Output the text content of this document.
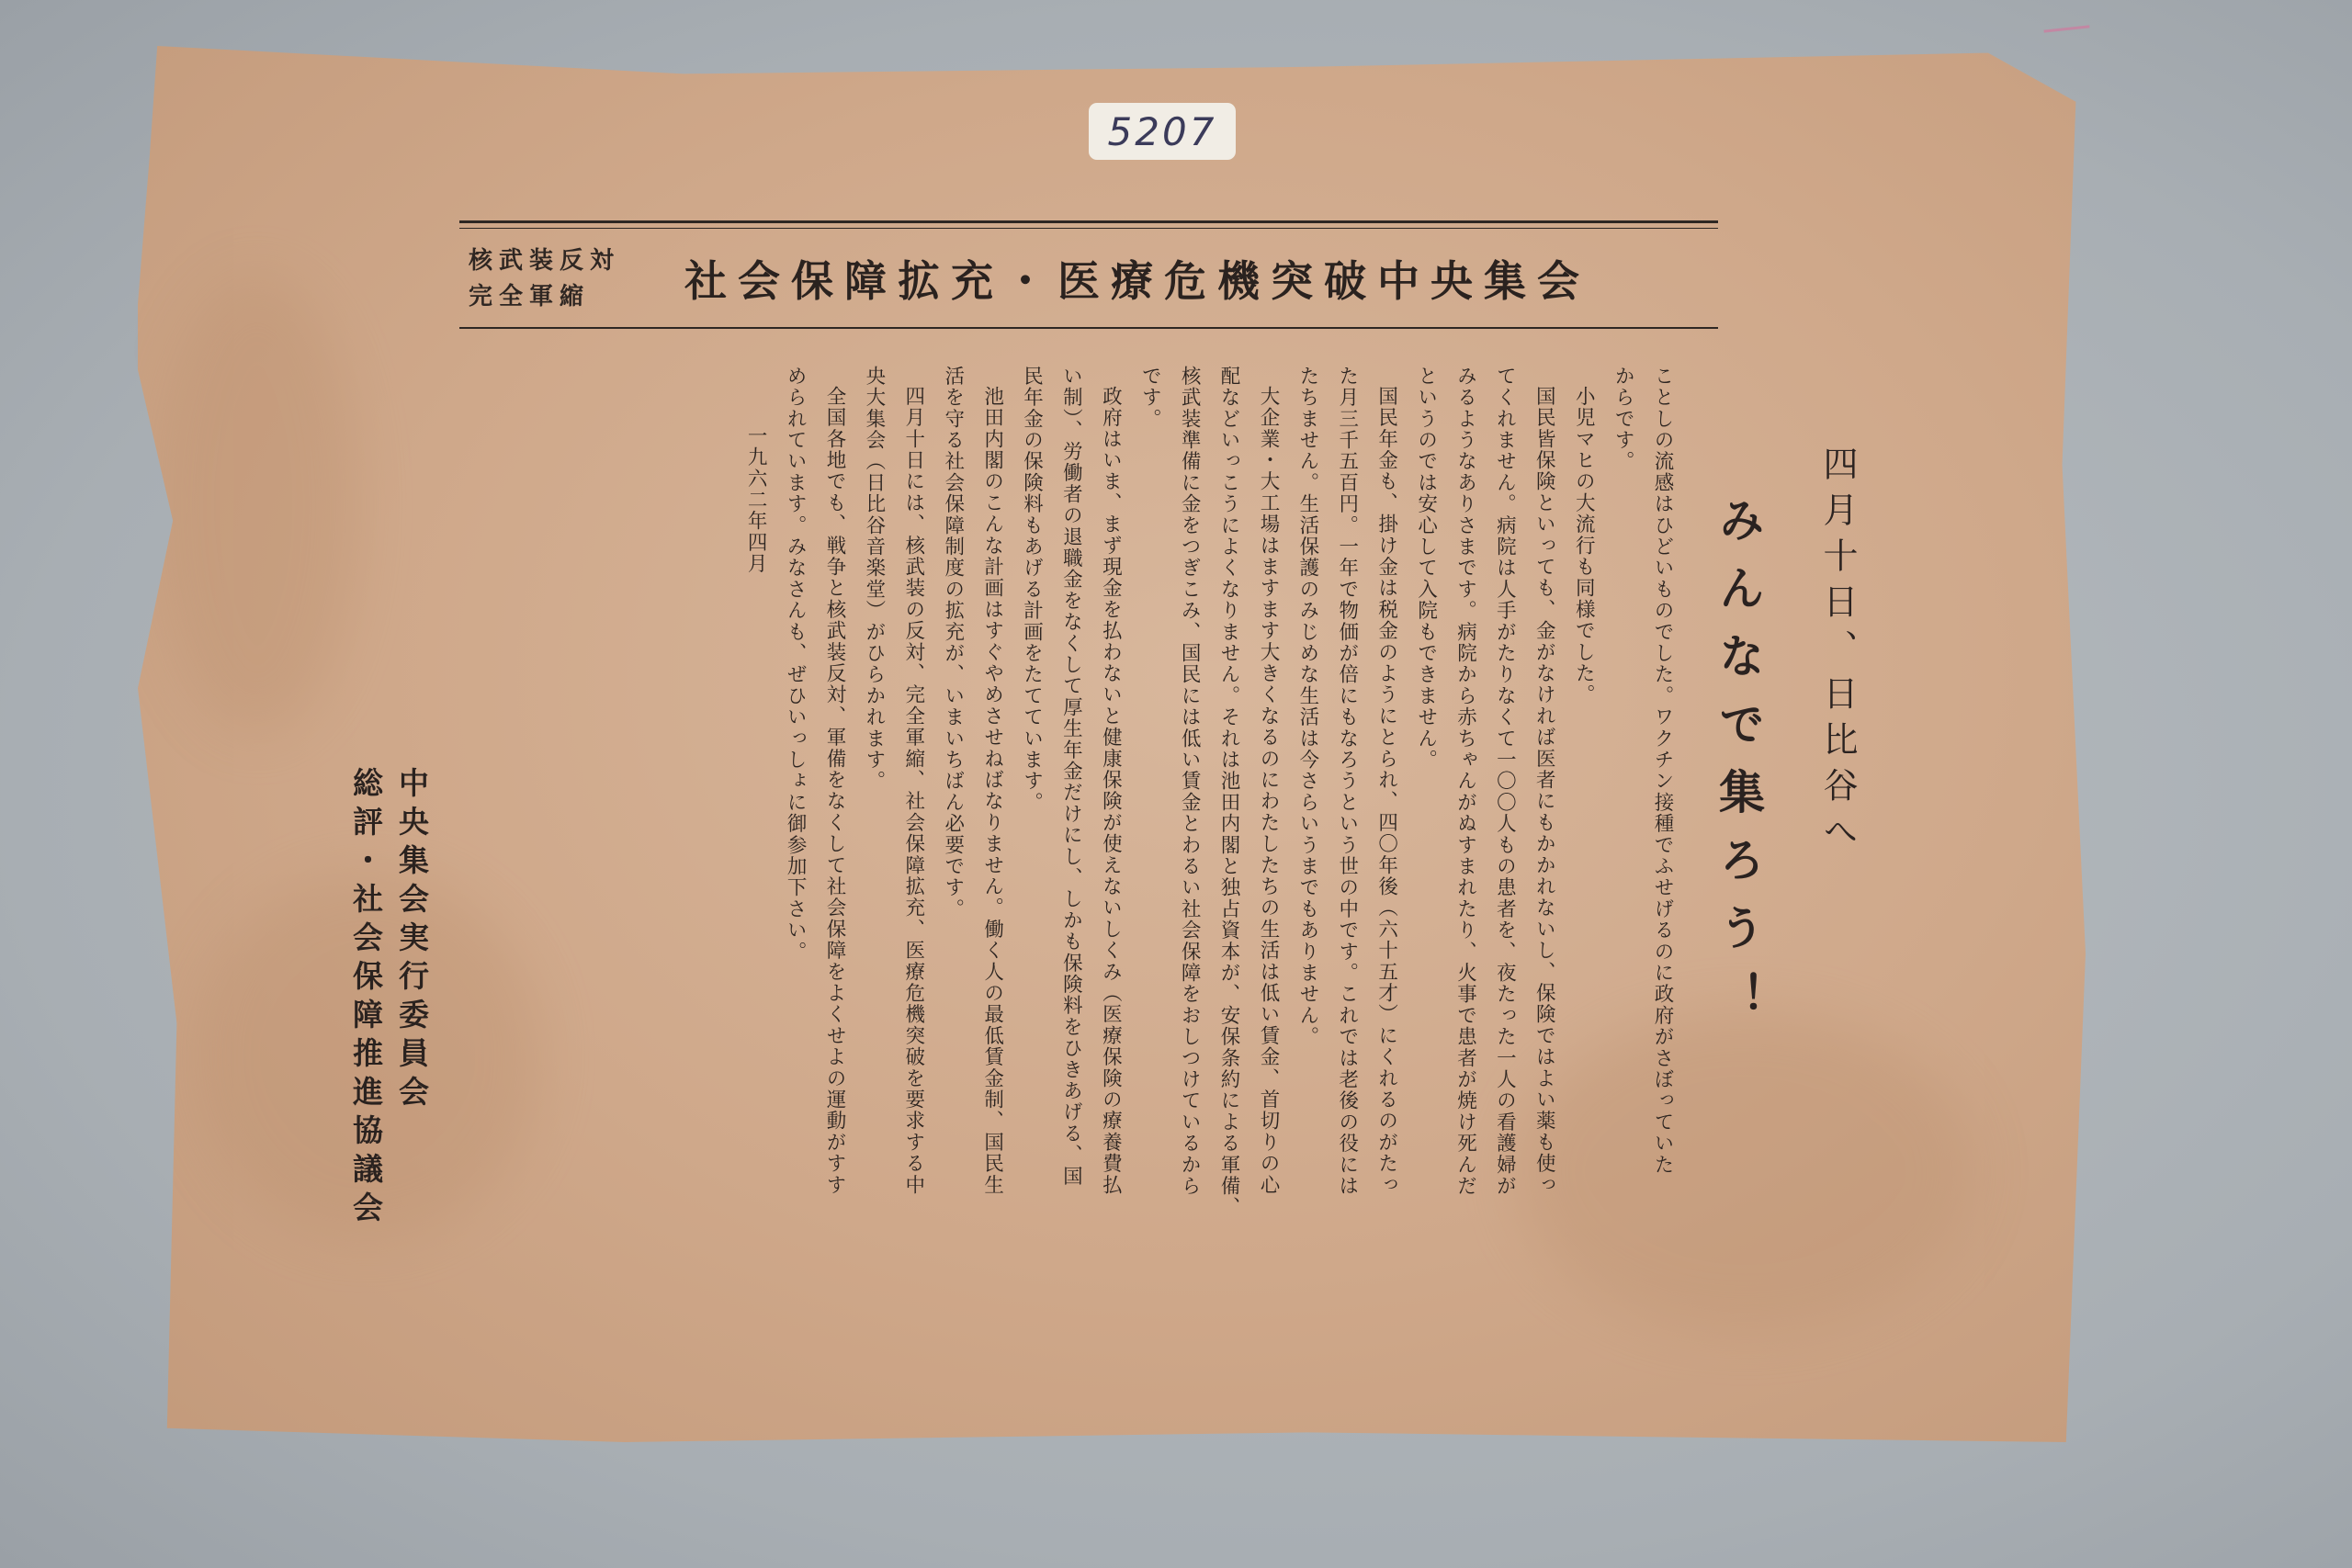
5207
核武装反対
完全軍縮	社会保障拡充・医療危機突破中央集会
四月十日、日比谷へ
みんなで集ろう！
ことしの流感はひどいものでした。ワクチン接種でふせげるのに政府がさぼっていた
からです。
小児マヒの大流行も同様でした。
国民皆保険といっても、金がなければ医者にもかかれないし、保険ではよい薬も使っ
てくれません。病院は人手がたりなくて一〇〇人もの患者を、夜たった一人の看護婦が
みるようなありさまです。病院から赤ちゃんがぬすまれたり、火事で患者が焼け死んだ
というのでは安心して入院もできません。
国民年金も、掛け金は税金のようにとられ、四〇年後（六十五才）にくれるのがたっ
た月三千五百円。一年で物価が倍にもなろうという世の中です。これでは老後の役には
たちません。生活保護のみじめな生活は今さらいうまでもありません。
大企業・大工場はますます大きくなるのにわたしたちの生活は低い賃金、首切りの心
配などいっこうによくなりません。それは池田内閣と独占資本が、安保条約による軍備、
核武装準備に金をつぎこみ、国民には低い賃金とわるい社会保障をおしつけているから
です。
政府はいま、まず現金を払わないと健康保険が使えないしくみ（医療保険の療養費払
い制）、労働者の退職金をなくして厚生年金だけにし、しかも保険料をひきあげる、国
民年金の保険料もあげる計画をたてています。
池田内閣のこんな計画はすぐやめさせねばなりません。働く人の最低賃金制、国民生
活を守る社会保障制度の拡充が、いまいちばん必要です。
四月十日には、核武装の反対、完全軍縮、社会保障拡充、医療危機突破を要求する中
央大集会（日比谷音楽堂）がひらかれます。
全国各地でも、戦争と核武装反対、軍備をなくして社会保障をよくせよの運動がすす
められています。みなさんも、ぜひいっしょに御参加下さい。
一九六二年四月
中央集会実行委員会
総評・社会保障推進協議会
